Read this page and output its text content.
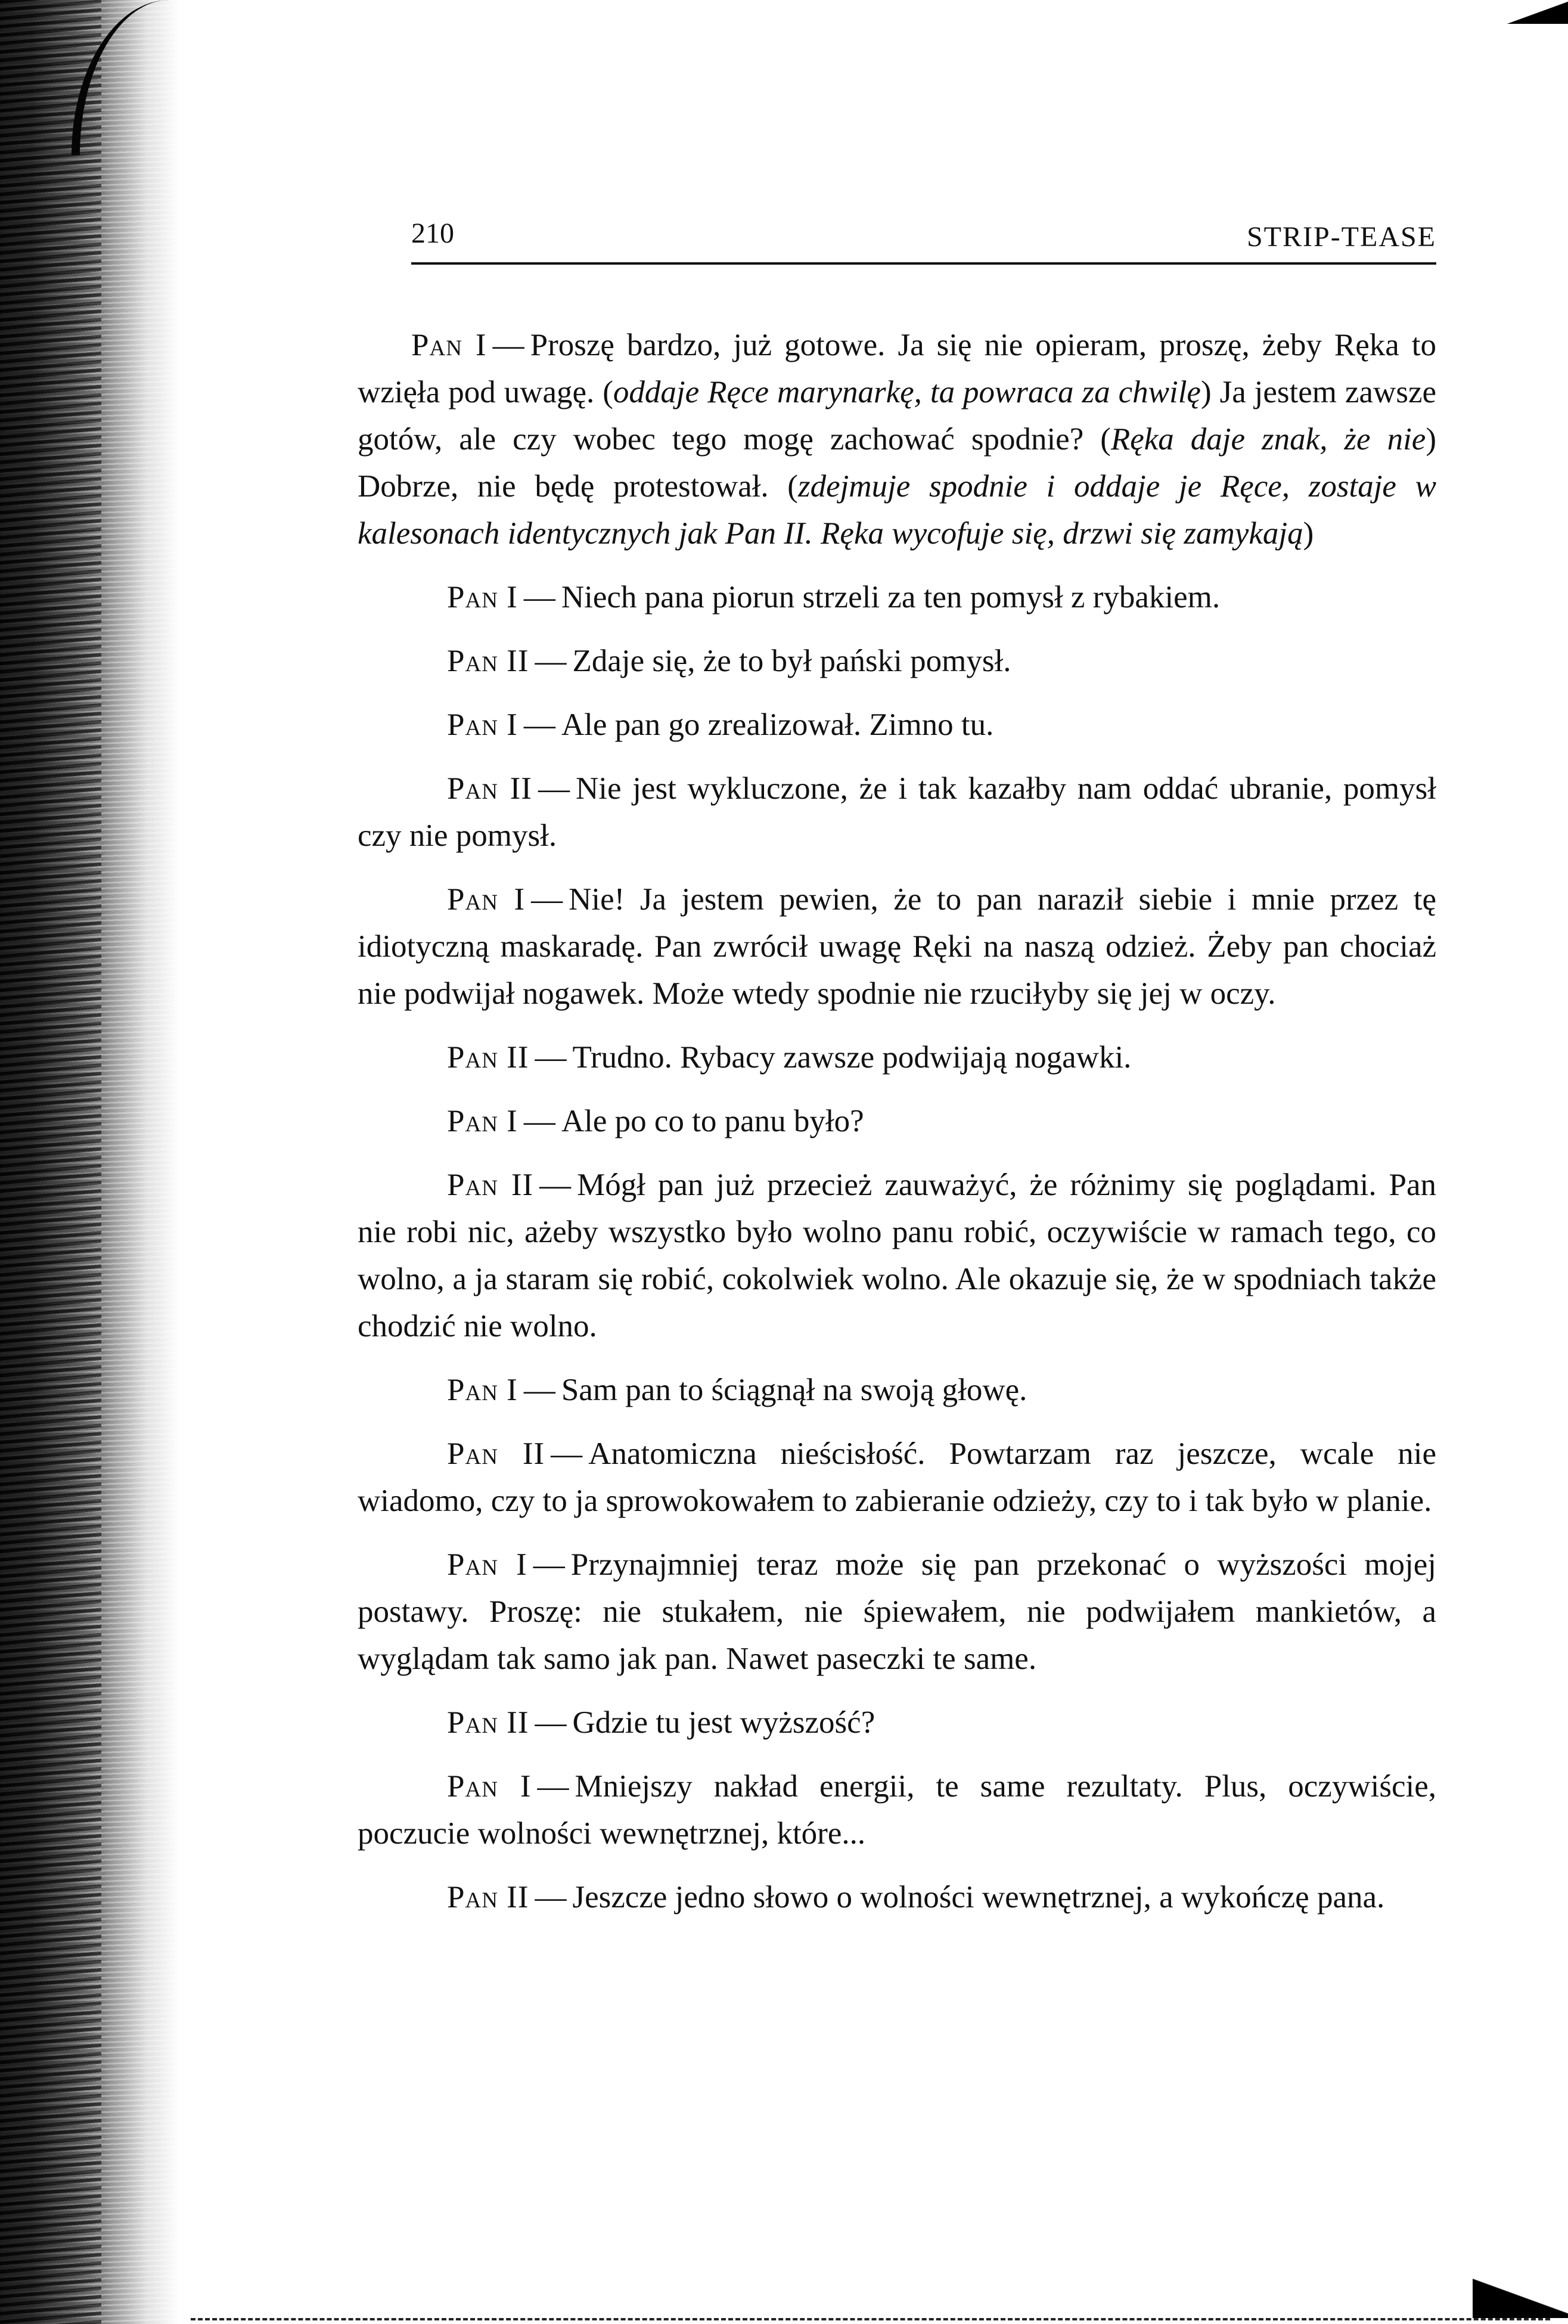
210	STRIP-TEASE

Pan I — Proszę bardzo, już gotowe. Ja się nie opieram, proszę, żeby Ręka to wzięła pod uwagę. (oddaje Ręce marynarkę, ta powraca za chwilę) Ja jestem zawsze gotów, ale czy wobec tego mogę zachować spodnie? (Ręka daje znak, że nie) Dobrze, nie będę protestował. (zdejmuje spodnie i oddaje je Ręce, zostaje w kalesonach identycznych jak Pan II. Ręka wycofuje się, drzwi się zamykają)

Pan I — Niech pana piorun strzeli za ten pomysł z rybakiem.

Pan II — Zdaje się, że to był pański pomysł.

Pan I — Ale pan go zrealizował. Zimno tu.

Pan II — Nie jest wykluczone, że i tak kazałby nam oddać ubranie, pomysł czy nie pomysł.

Pan I — Nie! Ja jestem pewien, że to pan naraził siebie i mnie przez tę idiotyczną maskaradę. Pan zwrócił uwagę Ręki na naszą odzież. Żeby pan chociaż nie podwijał nogawek. Może wtedy spodnie nie rzuciłyby się jej w oczy.

Pan II — Trudno. Rybacy zawsze podwijają nogawki.

Pan I — Ale po co to panu było?

Pan II — Mógł pan już przecież zauważyć, że różnimy się poglądami. Pan nie robi nic, ażeby wszystko było wolno panu robić, oczywiście w ramach tego, co wolno, a ja staram się robić, cokolwiek wolno. Ale okazuje się, że w spodniach także chodzić nie wolno.

Pan I — Sam pan to ściągnął na swoją głowę.

Pan II — Anatomiczna nieścisłość. Powtarzam raz jeszcze, wcale nie wiadomo, czy to ja sprowokowałem to zabieranie odzieży, czy to i tak było w planie.

Pan I — Przynajmniej teraz może się pan przekonać o wyższości mojej postawy. Proszę: nie stukałem, nie śpiewałem, nie podwijałem mankietów, a wyglądam tak samo jak pan. Nawet paseczki te same.

Pan II — Gdzie tu jest wyższość?

Pan I — Mniejszy nakład energii, te same rezultaty. Plus, oczywiście, poczucie wolności wewnętrznej, które...

Pan II — Jeszcze jedno słowo o wolności wewnętrznej, a wykończę pana.
